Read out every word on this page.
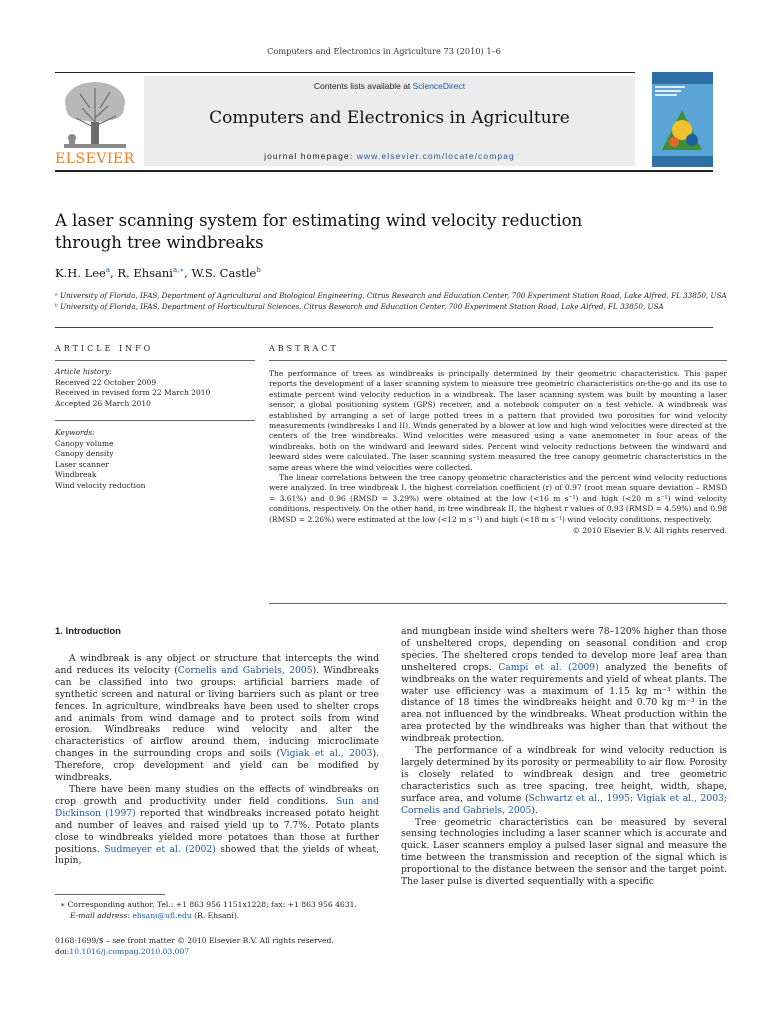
Computers and Electronics in Agriculture 73 (2010) 1–6
ELSEVIER
Contents lists available at ScienceDirect
Computers and Electronics in Agriculture
journal homepage: www.elsevier.com/locate/compag
A laser scanning system for estimating wind velocity reduction
through tree windbreaks
K.H. Lee$^a$, R. Ehsani$^{a,∗}$, W.S. Castle$^b$
ᵃ University of Florida, IFAS, Department of Agricultural and Biological Engineering, Citrus Research and Education Center, 700 Experiment Station Road, Lake Alfred, FL 33850, USA
ᵇ University of Florida, IFAS, Department of Horticultural Sciences, Citrus Research and Education Center, 700 Experiment Station Road, Lake Alfred, FL 33850, USA
ARTICLE INFO
Article history:
Received 22 October 2009
Received in revised form 22 March 2010
Accepted 26 March 2010
Keywords:
Canopy volume
Canopy density
Laser scanner
Windbreak
Wind velocity reduction
ABSTRACT

The performance of trees as windbreaks is principally determined by their geometric characteristics. This paper reports the development of a laser scanning system to measure tree geometric characteristics on-the-go and its use to estimate percent wind velocity reduction in a windbreak. The laser scanning system was built by mounting a laser sensor, a global positioning system (GPS) receiver, and a notebook computer on a test vehicle. A windbreak was established by arranging a set of large potted trees in a pattern that provided two porosities for wind velocity measurements (windbreaks I and II). Winds generated by a blower at low and high wind velocities were directed at the centers of the tree windbreaks. Wind velocities were measured using a vane anemometer in four areas of the windbreaks, both on the windward and leeward sides. Percent wind velocity reductions between the windward and leeward sides were calculated. The laser scanning system measured the tree canopy geometric characteristics in the same areas where the wind velocities were collected.

The linear correlations between the tree canopy geometric characteristics and the percent wind velocity reductions were analyzed. In tree windbreak I, the highest correlation coefficient (r) of 0.97 (root mean square deviation – RMSD = 3.61%) and 0.96 (RMSD = 3.29%) were obtained at the low (<16 m s⁻¹) and high (<20 m s⁻¹) wind velocity conditions, respectively. On the other hand, in tree windbreak II, the highest r values of 0.93 (RMSD = 4.59%) and 0.98 (RMSD = 2.26%) were estimated at the low (<12 m s⁻¹) and high (<18 m s⁻¹) wind velocity conditions, respectively.

© 2010 Elsevier B.V. All rights reserved.
1. Introduction

A windbreak is any object or structure that intercepts the wind and reduces its velocity (Cornelis and Gabriels, 2005). Windbreaks can be classified into two groups: artificial barriers made of synthetic screen and natural or living barriers such as plant or tree fences. In agriculture, windbreaks have been used to shelter crops and animals from wind damage and to protect soils from wind erosion. Windbreaks reduce wind velocity and alter the characteristics of airflow around them, inducing microclimate changes in the surrounding crops and soils (Vigiak et al., 2003). Therefore, crop development and yield can be modified by windbreaks.

There have been many studies on the effects of windbreaks on crop growth and productivity under field conditions. Sun and Dickinson (1997) reported that windbreaks increased potato height and number of leaves and raised yield up to 7.7%. Potato plants close to windbreaks yielded more potatoes than those at further positions. Sudmeyer et al. (2002) showed that the yields of wheat, lupin,

and mungbean inside wind shelters were 78–120% higher than those of unsheltered crops, depending on seasonal condition and crop species. The sheltered crops tended to develop more leaf area than unsheltered crops. Campi et al. (2009) analyzed the benefits of windbreaks on the water requirements and yield of wheat plants. The water use efficiency was a maximum of 1.15 kg m⁻³ within the distance of 18 times the windbreaks height and 0.70 kg m⁻³ in the area not influenced by the windbreaks. Wheat production within the area protected by the windbreaks was higher than that without the windbreak protection.

The performance of a windbreak for wind velocity reduction is largely determined by its porosity or permeability to air flow. Porosity is closely related to windbreak design and tree geometric characteristics such as tree spacing, tree height, width, shape, surface area, and volume (Schwartz et al., 1995; Vigiak et al., 2003; Cornelis and Gabriels, 2005).

Tree geometric characteristics can be measured by several sensing technologies including a laser scanner which is accurate and quick. Laser scanners employ a pulsed laser signal and measure the time between the transmission and reception of the signal which is proportional to the distance between the sensor and the target point. The laser pulse is diverted sequentially with a specific

∗ Corresponding author. Tel.: +1 863 956 1151x1228; fax: +1 863 956 4631.
E-mail address: ehsani@ufl.edu (R. Ehsani).
0168-1699/$ – see front matter © 2010 Elsevier B.V. All rights reserved.
doi:10.1016/j.compag.2010.03.007
